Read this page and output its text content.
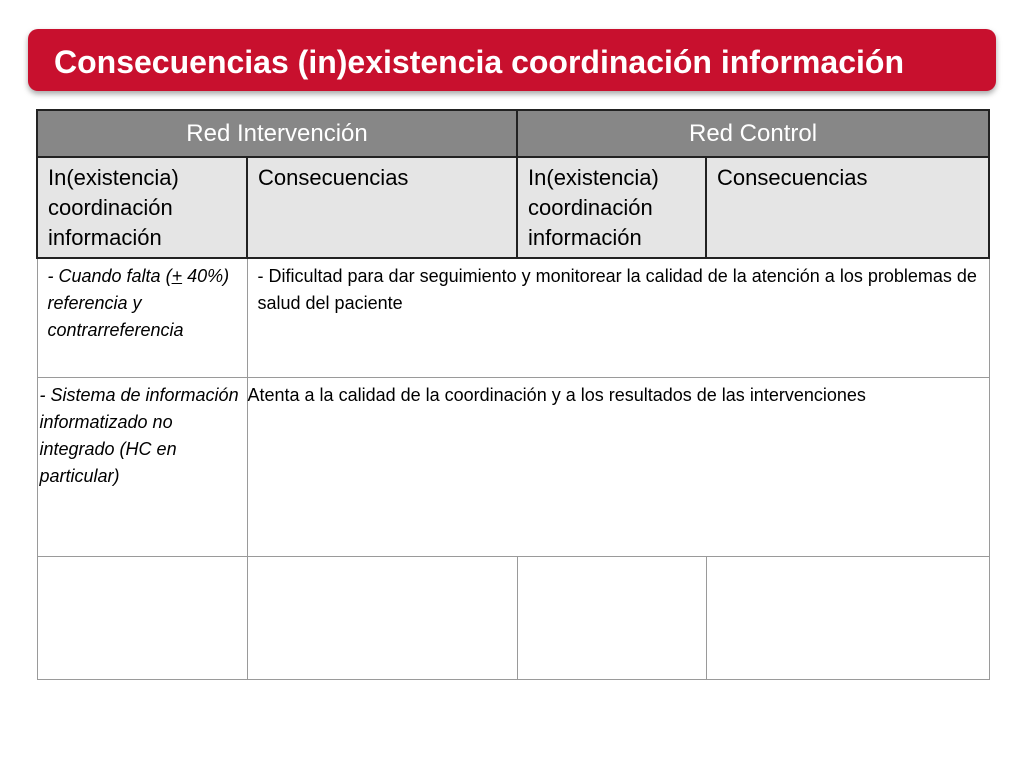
Consecuencias (in)existencia coordinación información
Red Intervención		Red Control	
In(existencia) coordinación información	Consecuencias	In(existencia) coordinación información	Consecuencias
- Cuando falta (+ 40%) referencia y contrarreferencia	- Dificultad para dar seguimiento y monitorear la calidad de la atención a los problemas de salud del paciente		
- Sistema de información informatizado no integrado (HC en particular)	Atenta a la calidad de la coordinación y a los resultados de las intervenciones		
